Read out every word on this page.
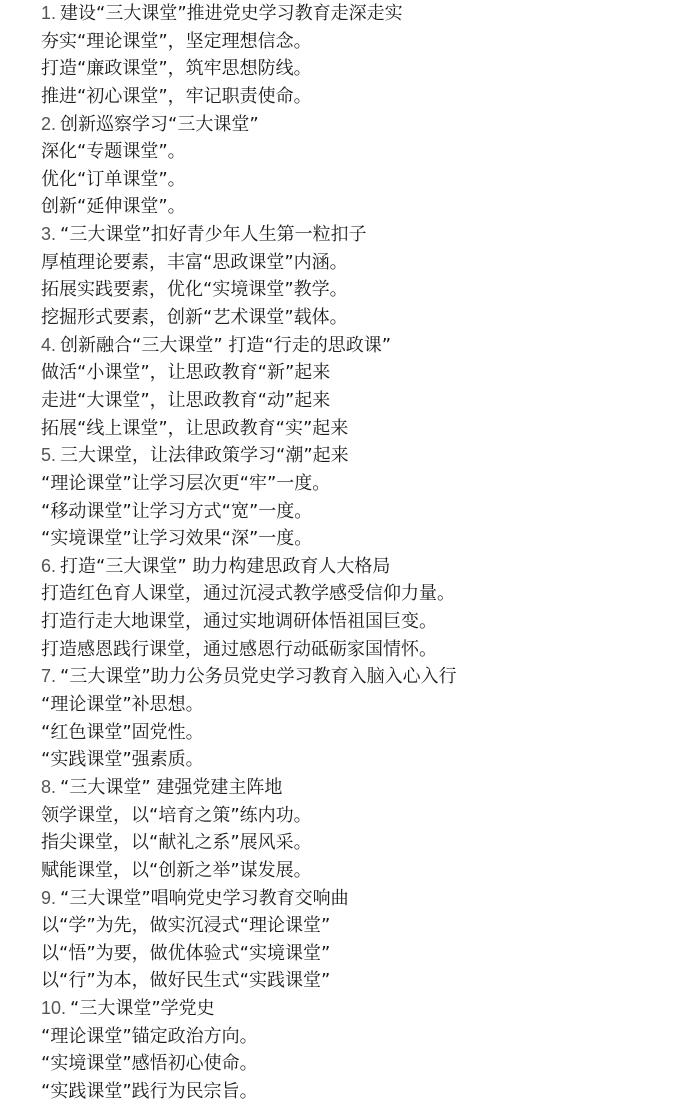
1. 建设“三大课堂”推进党史学习教育走深走实
夯实“理论课堂”，坚定理想信念。
打造“廉政课堂”，筑牢思想防线。
推进“初心课堂”，牢记职责使命。
2. 创新巡察学习“三大课堂”
深化“专题课堂”。
优化“订单课堂”。
创新“延伸课堂”。
3. “三大课堂”扣好青少年人生第一粒扣子
厚植理论要素，丰富“思政课堂”内涵。
拓展实践要素，优化“实境课堂”教学。
挖掘形式要素，创新“艺术课堂”载体。
4. 创新融合“三大课堂” 打造“行走的思政课”
做活“小课堂”，让思政教育“新”起来
走进“大课堂”，让思政教育“动”起来
拓展“线上课堂”，让思政教育“实”起来
5. 三大课堂，让法律政策学习“潮”起来
“理论课堂”让学习层次更“牢”一度。
“移动课堂”让学习方式“宽”一度。
“实境课堂”让学习效果“深”一度。
6. 打造“三大课堂” 助力构建思政育人大格局
打造红色育人课堂，通过沉浸式教学感受信仰力量。
打造行走大地课堂，通过实地调研体悟祖国巨变。
打造感恩践行课堂，通过感恩行动砥砺家国情怀。
7. “三大课堂”助力公务员党史学习教育入脑入心入行
“理论课堂”补思想。
“红色课堂”固党性。
“实践课堂”强素质。
8. “三大课堂” 建强党建主阵地
领学课堂，以“培育之策”练内功。
指尖课堂，以“献礼之系”展风采。
赋能课堂，以“创新之举”谋发展。
9. “三大课堂”唱响党史学习教育交响曲
以“学”为先，做实沉浸式“理论课堂”
以“悟”为要，做优体验式“实境课堂”
以“行”为本，做好民生式“实践课堂”
10. “三大课堂”学党史
“理论课堂”锚定政治方向。
“实境课堂”感悟初心使命。
“实践课堂”践行为民宗旨。
